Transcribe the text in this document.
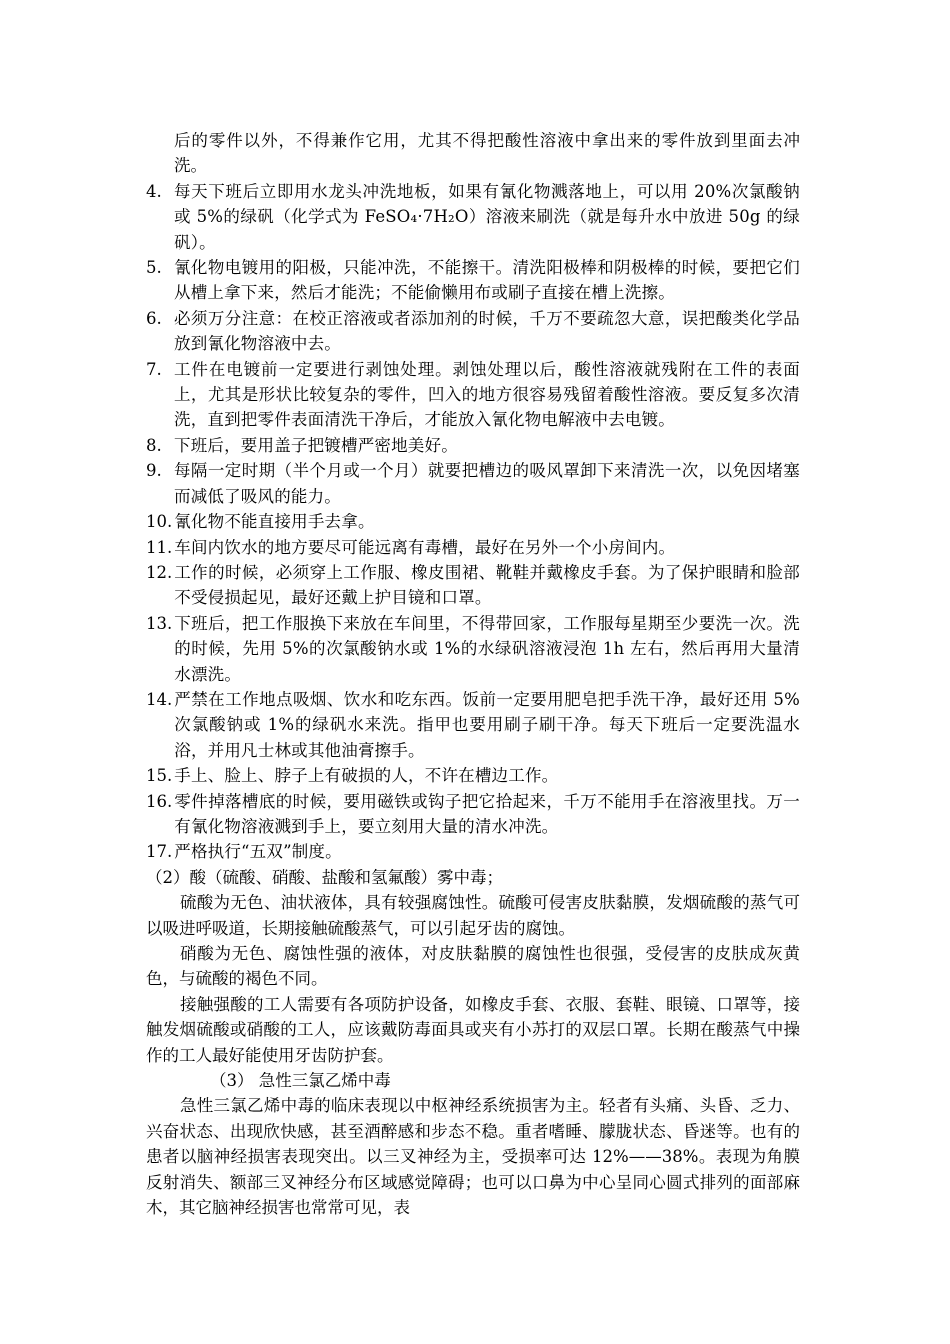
后的零件以外，不得兼作它用，尤其不得把酸性溶液中拿出来的零件放到里面去冲洗。

4. 每天下班后立即用水龙头冲洗地板，如果有氰化物溅落地上，可以用 20%次氯酸钠或 5%的绿矾（化学式为 FeSO₄·7H₂O）溶液来刷洗（就是每升水中放进 50g 的绿矾）。

5. 氰化物电镀用的阳极，只能冲洗，不能擦干。清洗阳极棒和阴极棒的时候，要把它们从槽上拿下来，然后才能洗；不能偷懒用布或刷子直接在槽上洗擦。

6. 必须万分注意：在校正溶液或者添加剂的时候，千万不要疏忽大意，误把酸类化学品放到氰化物溶液中去。

7. 工件在电镀前一定要进行剥蚀处理。剥蚀处理以后，酸性溶液就残附在工件的表面上，尤其是形状比较复杂的零件，凹入的地方很容易残留着酸性溶液。要反复多次清洗，直到把零件表面清洗干净后，才能放入氰化物电解液中去电镀。

8. 下班后，要用盖子把镀槽严密地美好。

9. 每隔一定时期（半个月或一个月）就要把槽边的吸风罩卸下来清洗一次，以免因堵塞而减低了吸风的能力。

10. 氰化物不能直接用手去拿。

11. 车间内饮水的地方要尽可能远离有毒槽，最好在另外一个小房间内。

12. 工作的时候，必须穿上工作服、橡皮围裙、靴鞋并戴橡皮手套。为了保护眼睛和脸部不受侵损起见，最好还戴上护目镜和口罩。

13. 下班后，把工作服换下来放在车间里，不得带回家，工作服每星期至少要洗一次。洗的时候，先用 5%的次氯酸钠水或 1%的水绿矾溶液浸泡 1h 左右，然后再用大量清水漂洗。

14. 严禁在工作地点吸烟、饮水和吃东西。饭前一定要用肥皂把手洗干净，最好还用 5%次氯酸钠或 1%的绿矾水来洗。指甲也要用刷子刷干净。每天下班后一定要洗温水浴，并用凡士林或其他油膏擦手。

15. 手上、脸上、脖子上有破损的人，不许在槽边工作。

16. 零件掉落槽底的时候，要用磁铁或钩子把它拾起来，千万不能用手在溶液里找。万一有氰化物溶液溅到手上，要立刻用大量的清水冲洗。

17. 严格执行“五双”制度。

（2）酸（硫酸、硝酸、盐酸和氢氟酸）雾中毒；

硫酸为无色、油状液体，具有较强腐蚀性。硫酸可侵害皮肤黏膜，发烟硫酸的蒸气可以吸进呼吸道，长期接触硫酸蒸气，可以引起牙齿的腐蚀。

硝酸为无色、腐蚀性强的液体，对皮肤黏膜的腐蚀性也很强，受侵害的皮肤成灰黄色，与硫酸的褐色不同。

接触强酸的工人需要有各项防护设备，如橡皮手套、衣服、套鞋、眼镜、口罩等，接触发烟硫酸或硝酸的工人，应该戴防毒面具或夹有小苏打的双层口罩。长期在酸蒸气中操作的工人最好能使用牙齿防护套。

（3） 急性三氯乙烯中毒

急性三氯乙烯中毒的临床表现以中枢神经系统损害为主。轻者有头痛、头昏、乏力、兴奋状态、出现欣快感，甚至酒醉感和步态不稳。重者嗜睡、朦胧状态、昏迷等。也有的患者以脑神经损害表现突出。以三叉神经为主，受损率可达 12%——38%。表现为角膜反射消失、额部三叉神经分布区域感觉障碍；也可以口鼻为中心呈同心圆式排列的面部麻木，其它脑神经损害也常常可见，表
